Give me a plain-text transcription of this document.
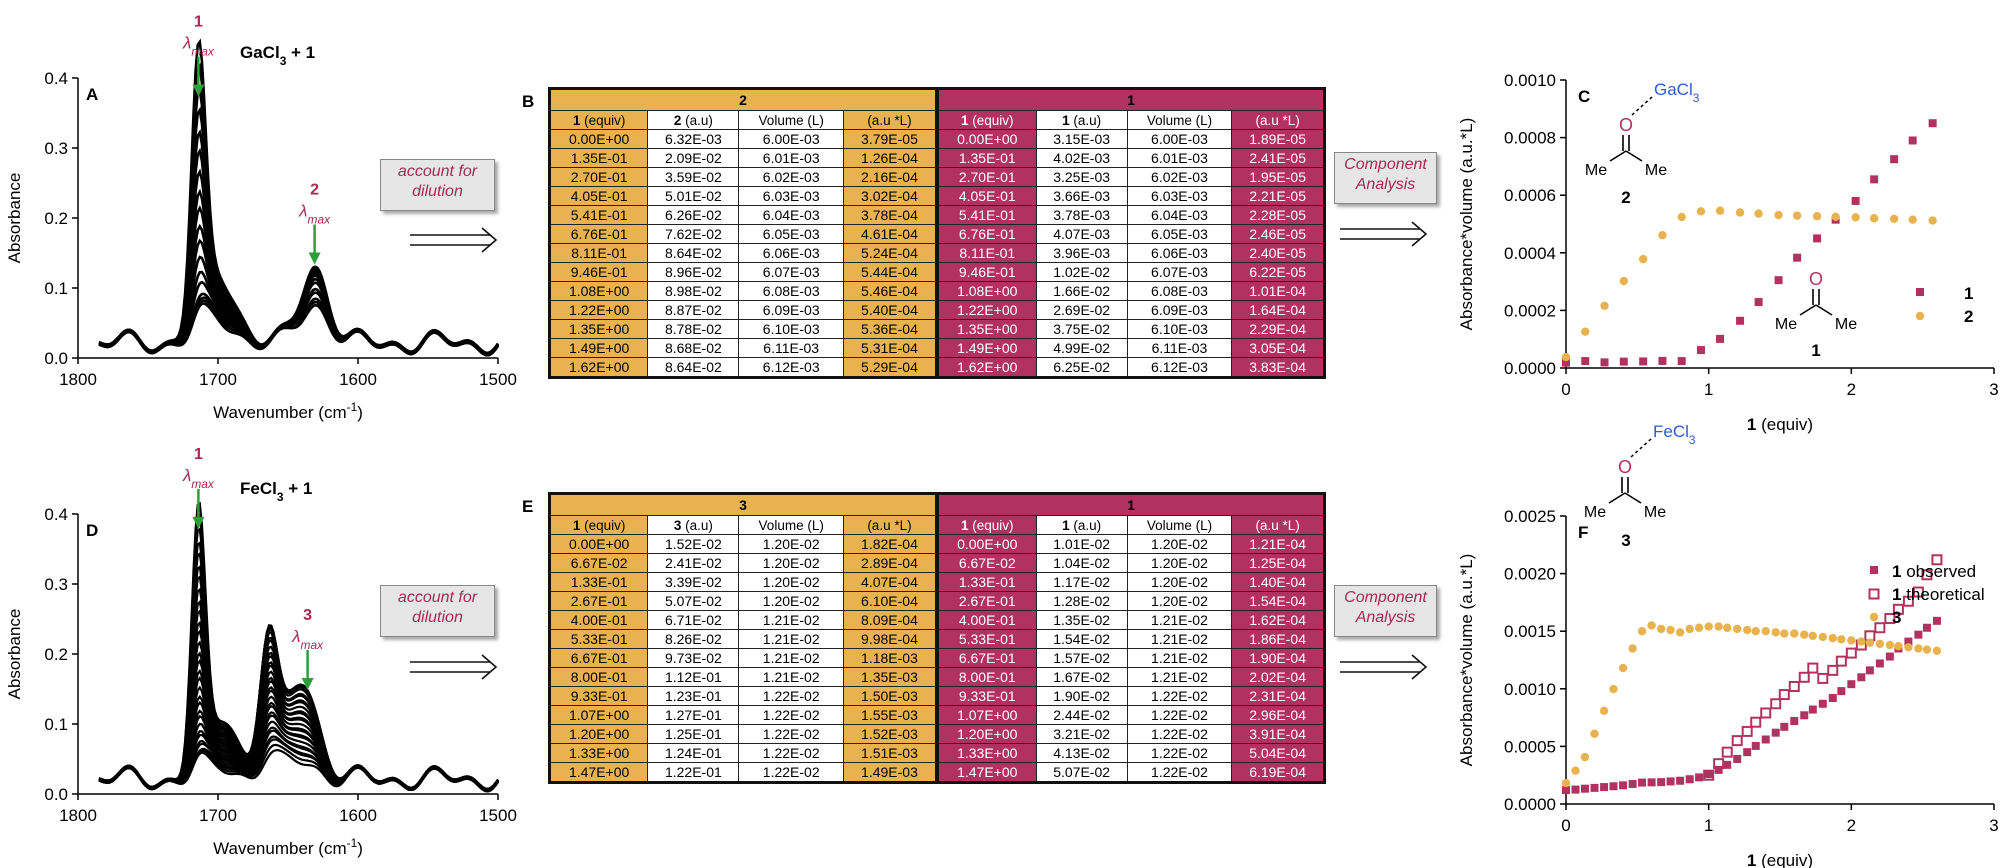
0.0
0.1
0.2
0.3
0.4
1800	1700	1600	1500
Wavenumber $(cm^{-1})$
Absorbance
A
GaCl$_3$ + 1
1
$\lambda_{max}$
2
$\lambda_{max}$
0.0
0.1
0.2
0.3
0.4
1800	1700	1600	1500
Wavenumber $(cm^{-1})$
Absorbance
D
FeCl$_3$ + 1
1
$\lambda_{max}$
3
$\lambda_{max}$
0.0000
0.0002
0.0004
0.0006
0.0008
0.0010
0	1	2	3
1 (equiv)
Absorbance*volume (a.u.*L)
C
O
Me Me
GaCl$_3$
2
O
Me Me
1
1
2
0.0000
0.0005
0.0010
0.0015
0.0020
0.0025
0	1	2	3
1 (equiv)
Absorbance*volume (a.u.*L)
F
O
Me Me
FeCl$_3$
3
1 observed
1 theoretical
3
B
E
account for
dilution
account for
dilution
Component
Analysis
Component
Analysis
2				1			
1 (equiv)	2 (a.u)	Volume (L)	(a.u *L)	1 (equiv)	1 (a.u)	Volume (L)	(a.u *L)
0.00E+00	6.32E-03	6.00E-03	3.79E-05	0.00E+00	3.15E-03	6.00E-03	1.89E-05
1.35E-01	2.09E-02	6.01E-03	1.26E-04	1.35E-01	4.02E-03	6.01E-03	2.41E-05
2.70E-01	3.59E-02	6.02E-03	2.16E-04	2.70E-01	3.25E-03	6.02E-03	1.95E-05
4.05E-01	5.01E-02	6.03E-03	3.02E-04	4.05E-01	3.66E-03	6.03E-03	2.21E-05
5.41E-01	6.26E-02	6.04E-03	3.78E-04	5.41E-01	3.78E-03	6.04E-03	2.28E-05
6.76E-01	7.62E-02	6.05E-03	4.61E-04	6.76E-01	4.07E-03	6.05E-03	2.46E-05
8.11E-01	8.64E-02	6.06E-03	5.24E-04	8.11E-01	3.96E-03	6.06E-03	2.40E-05
9.46E-01	8.96E-02	6.07E-03	5.44E-04	9.46E-01	1.02E-02	6.07E-03	6.22E-05
1.08E+00	8.98E-02	6.08E-03	5.46E-04	1.08E+00	1.66E-02	6.08E-03	1.01E-04
1.22E+00	8.87E-02	6.09E-03	5.40E-04	1.22E+00	2.69E-02	6.09E-03	1.64E-04
1.35E+00	8.78E-02	6.10E-03	5.36E-04	1.35E+00	3.75E-02	6.10E-03	2.29E-04
1.49E+00	8.68E-02	6.11E-03	5.31E-04	1.49E+00	4.99E-02	6.11E-03	3.05E-04
1.62E+00	8.64E-02	6.12E-03	5.29E-04	1.62E+00	6.25E-02	6.12E-03	3.83E-04
3				1			
1 (equiv)	3 (a.u)	Volume (L)	(a.u *L)	1 (equiv)	1 (a.u)	Volume (L)	(a.u *L)
0.00E+00	1.52E-02	1.20E-02	1.82E-04	0.00E+00	1.01E-02	1.20E-02	1.21E-04
6.67E-02	2.41E-02	1.20E-02	2.89E-04	6.67E-02	1.04E-02	1.20E-02	1.25E-04
1.33E-01	3.39E-02	1.20E-02	4.07E-04	1.33E-01	1.17E-02	1.20E-02	1.40E-04
2.67E-01	5.07E-02	1.20E-02	6.10E-04	2.67E-01	1.28E-02	1.20E-02	1.54E-04
4.00E-01	6.71E-02	1.21E-02	8.09E-04	4.00E-01	1.35E-02	1.21E-02	1.62E-04
5.33E-01	8.26E-02	1.21E-02	9.98E-04	5.33E-01	1.54E-02	1.21E-02	1.86E-04
6.67E-01	9.73E-02	1.21E-02	1.18E-03	6.67E-01	1.57E-02	1.21E-02	1.90E-04
8.00E-01	1.12E-01	1.21E-02	1.35E-03	8.00E-01	1.67E-02	1.21E-02	2.02E-04
9.33E-01	1.23E-01	1.22E-02	1.50E-03	9.33E-01	1.90E-02	1.22E-02	2.31E-04
1.07E+00	1.27E-01	1.22E-02	1.55E-03	1.07E+00	2.44E-02	1.22E-02	2.96E-04
1.20E+00	1.25E-01	1.22E-02	1.52E-03	1.20E+00	3.21E-02	1.22E-02	3.91E-04
1.33E+00	1.24E-01	1.22E-02	1.51E-03	1.33E+00	4.13E-02	1.22E-02	5.04E-04
1.47E+00	1.22E-01	1.22E-02	1.49E-03	1.47E+00	5.07E-02	1.22E-02	6.19E-04
